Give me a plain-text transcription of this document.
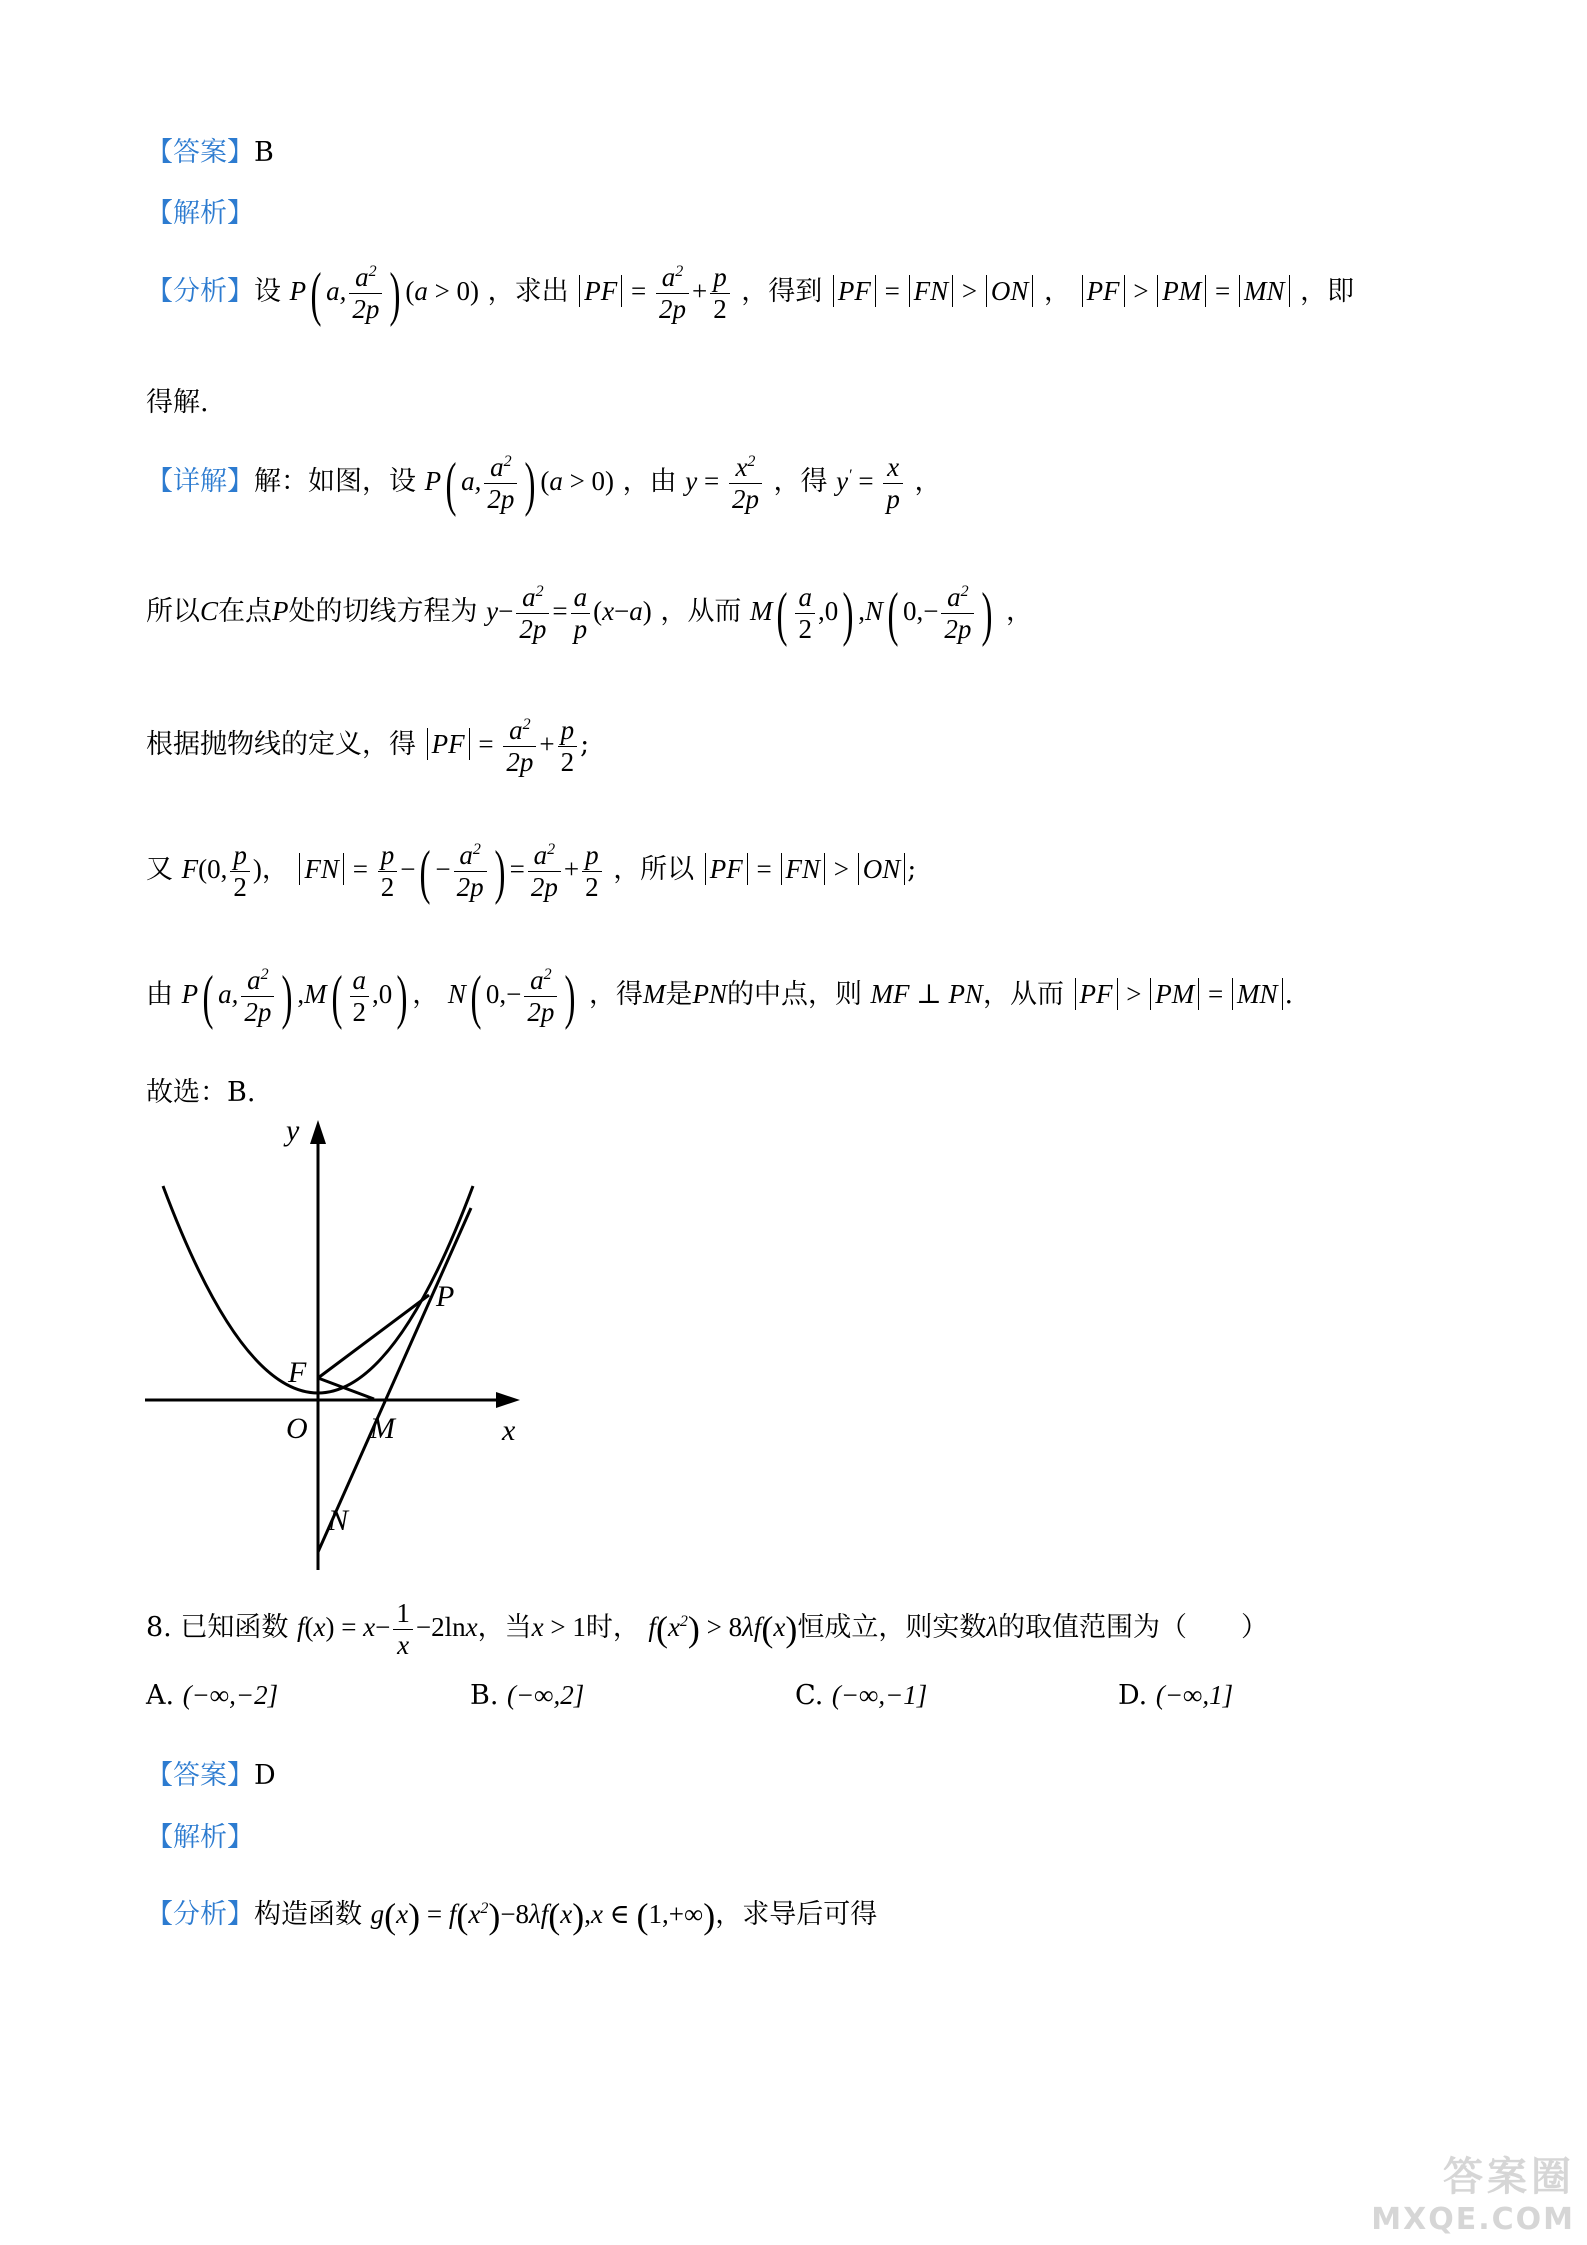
【答案】B
【解析】
【分析】设 P( a, $\frac{a^2}{2p}$ ) (a > 0) ，求出 PF = $\frac{a^2}{2p} + \frac{p}{2}$ ，得到 PF = FN > ON ， PF > PM = MN ，即
得解.
【详解】解：如图，设 P( a, $\frac{a^2}{2p}$ ) (a > 0) ，由 $y = \frac{x^2}{2p}$ ，得 $y' = \frac{x}{p}$ ，
所以C在点P处的切线方程为 $y- \frac{a^2}{2p} = \frac{a}{p} (x-a)$ ，从而 $M( \frac{a}{2} ,0)$ ,N( $0,- \frac{a^2}{2p}$ ) ，
根据抛物线的定义，得 PF = $\frac{a^2}{2p} + \frac{p}{2}$ ;
又 F(0, $\frac{p}{2}$ )， FN = $\frac{p}{2}$ −( − $\frac{a^2}{2p}$ ) = $\frac{a^2}{2p} + \frac{p}{2}$ ，所以 PF = FN > ON ;
由 P( a, $\frac{a^2}{2p}$ ) $,M( \frac{a}{2} ,0)$ ， N( $0,- \frac{a^2}{2p}$ ) ，得M是PN的中点，则 MF ⊥ PN，从而 PF > PM = MN .
故选：B.
y
x
O
F
M
N
P
8. 已知函数 $f(x) = x- \frac{1}{x} -2\ln x$，当x > 1时， $f(x^2) > 8\lambda f(x)$恒成立，则实数λ的取值范围为（　　）
A. (−∞,−2]	B. (−∞,2]	C. (−∞,−1]	D. (−∞,1]
【答案】D
【解析】
【分析】构造函数 $g(x) = f(x^2)-8\lambda f(x),x$ ∈ (1,+∞)，求导后可得
答案圈
MXQE.COM
